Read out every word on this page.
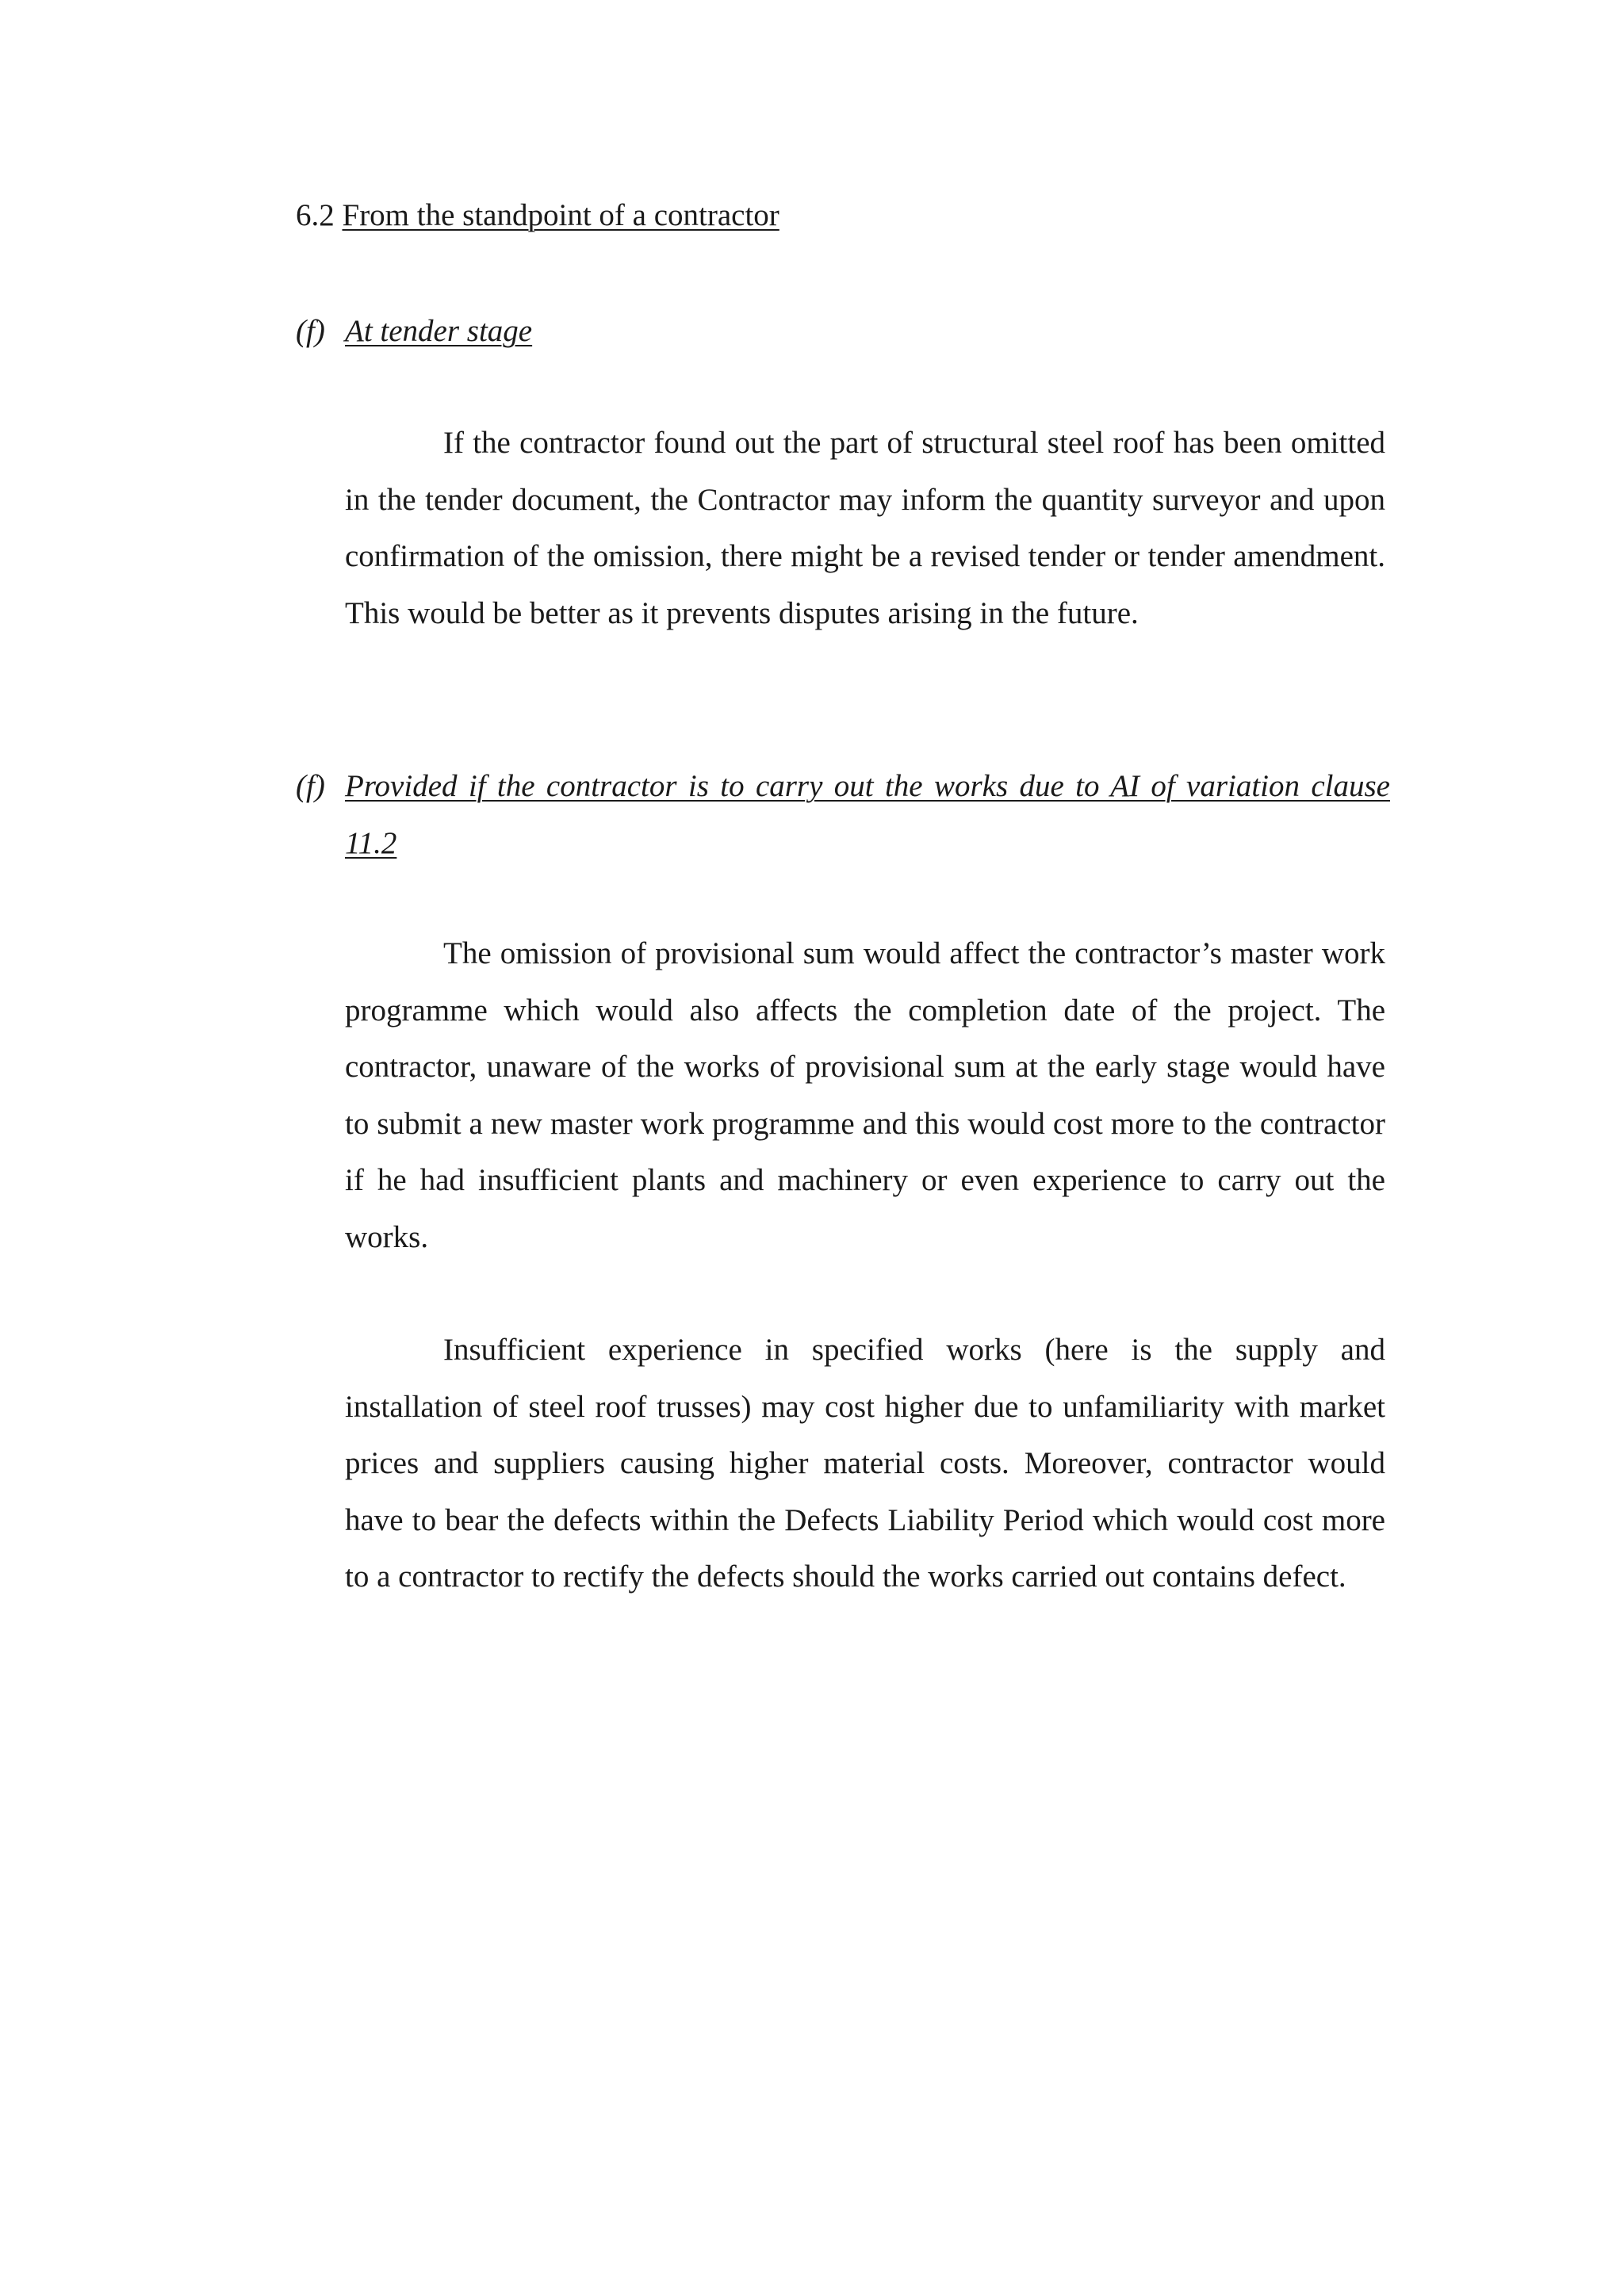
6.2 From the standpoint of a contractor
(f) At tender stage

If the contractor found out the part of structural steel roof has been omitted in the tender document, the Contractor may inform the quantity surveyor and upon confirmation of the omission, there might be a revised tender or tender amendment. This would be better as it prevents disputes arising in the future.

(f) Provided if the contractor is to carry out the works due to AI of variation clause 11.2

The omission of provisional sum would affect the contractor’s master work programme which would also affects the completion date of the project. The contractor, unaware of the works of provisional sum at the early stage would have to submit a new master work programme and this would cost more to the contractor if he had insufficient plants and machinery or even experience to carry out the works.

Insufficient experience in specified works (here is the supply and installation of steel roof trusses) may cost higher due to unfamiliarity with market prices and suppliers causing higher material costs. Moreover, contractor would have to bear the defects within the Defects Liability Period which would cost more to a contractor to rectify the defects should the works carried out contains defect.
